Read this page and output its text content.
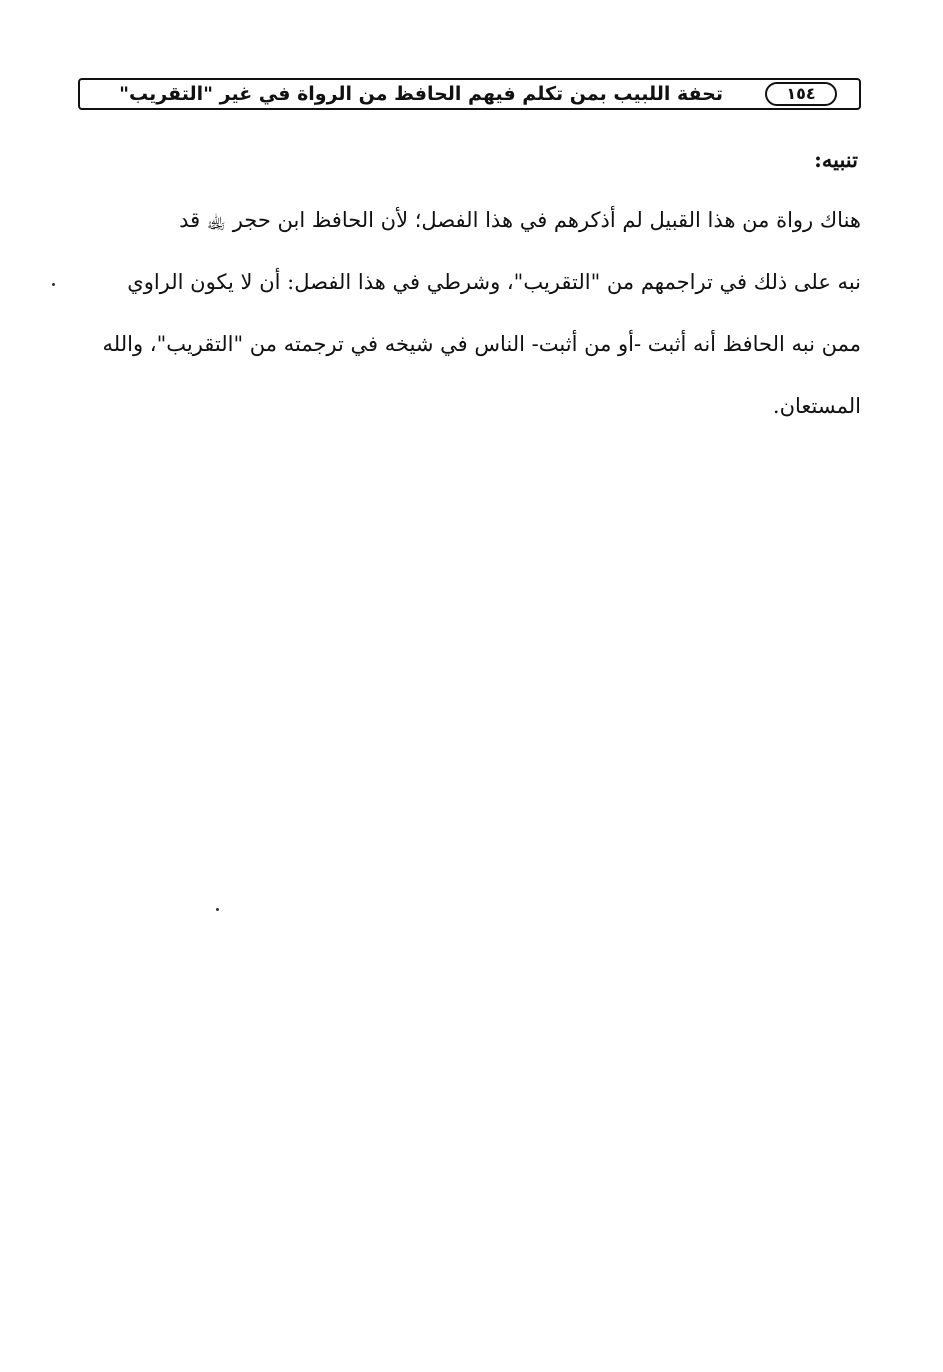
تحفة اللبيب بمن تكلم فيهم الحافظ من الرواة في غير "التقريب"	١٥٤
تنبيه:
هناك رواة من هذا القبيل لم أذكرهم في هذا الفصل؛ لأن الحافظ ابن حجر ﵀ قد
نبه على ذلك في تراجمهم من "التقريب"، وشرطي في هذا الفصل: أن لا يكون الراوي
ممن نبه الحافظ أنه أثبت -أو من أثبت- الناس في شيخه في ترجمته من "التقريب"، والله
المستعان.
